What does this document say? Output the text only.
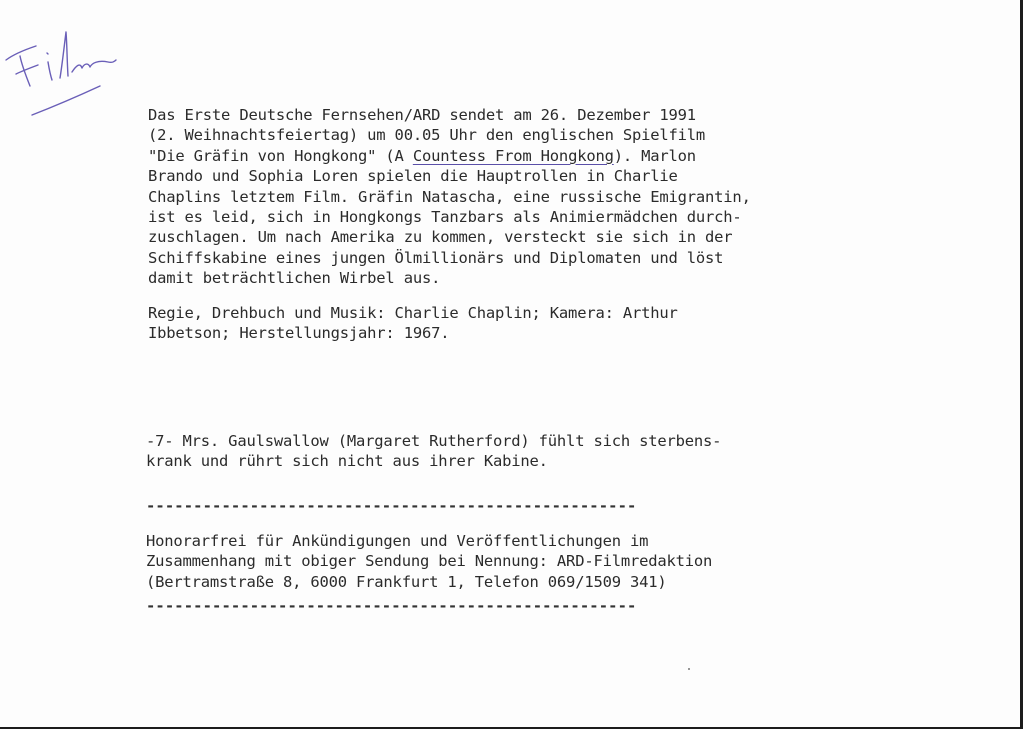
Das Erste Deutsche Fernsehen/ARD sendet am 26. Dezember 1991
(2. Weihnachtsfeiertag) um 00.05 Uhr den englischen Spielfilm
"Die Gräfin von Hongkong" (A Countess From Hongkong). Marlon
Brando und Sophia Loren spielen die Hauptrollen in Charlie
Chaplins letztem Film. Gräfin Natascha, eine russische Emigrantin,
ist es leid, sich in Hongkongs Tanzbars als Animiermädchen durch-
zuschlagen. Um nach Amerika zu kommen, versteckt sie sich in der
Schiffskabine eines jungen Ölmillionärs und Diplomaten und löst
damit beträchtlichen Wirbel aus.
Regie, Drehbuch und Musik: Charlie Chaplin; Kamera: Arthur
Ibbetson; Herstellungsjahr: 1967.
-7- Mrs. Gaulswallow (Margaret Rutherford) fühlt sich sterbens-
krank und rührt sich nicht aus ihrer Kabine.
----------------------------------------------------
Honorarfrei für Ankündigungen und Veröffentlichungen im
Zusammenhang mit obiger Sendung bei Nennung: ARD-Filmredaktion
(Bertramstraße 8, 6000 Frankfurt 1, Telefon 069/1509 341)
----------------------------------------------------
